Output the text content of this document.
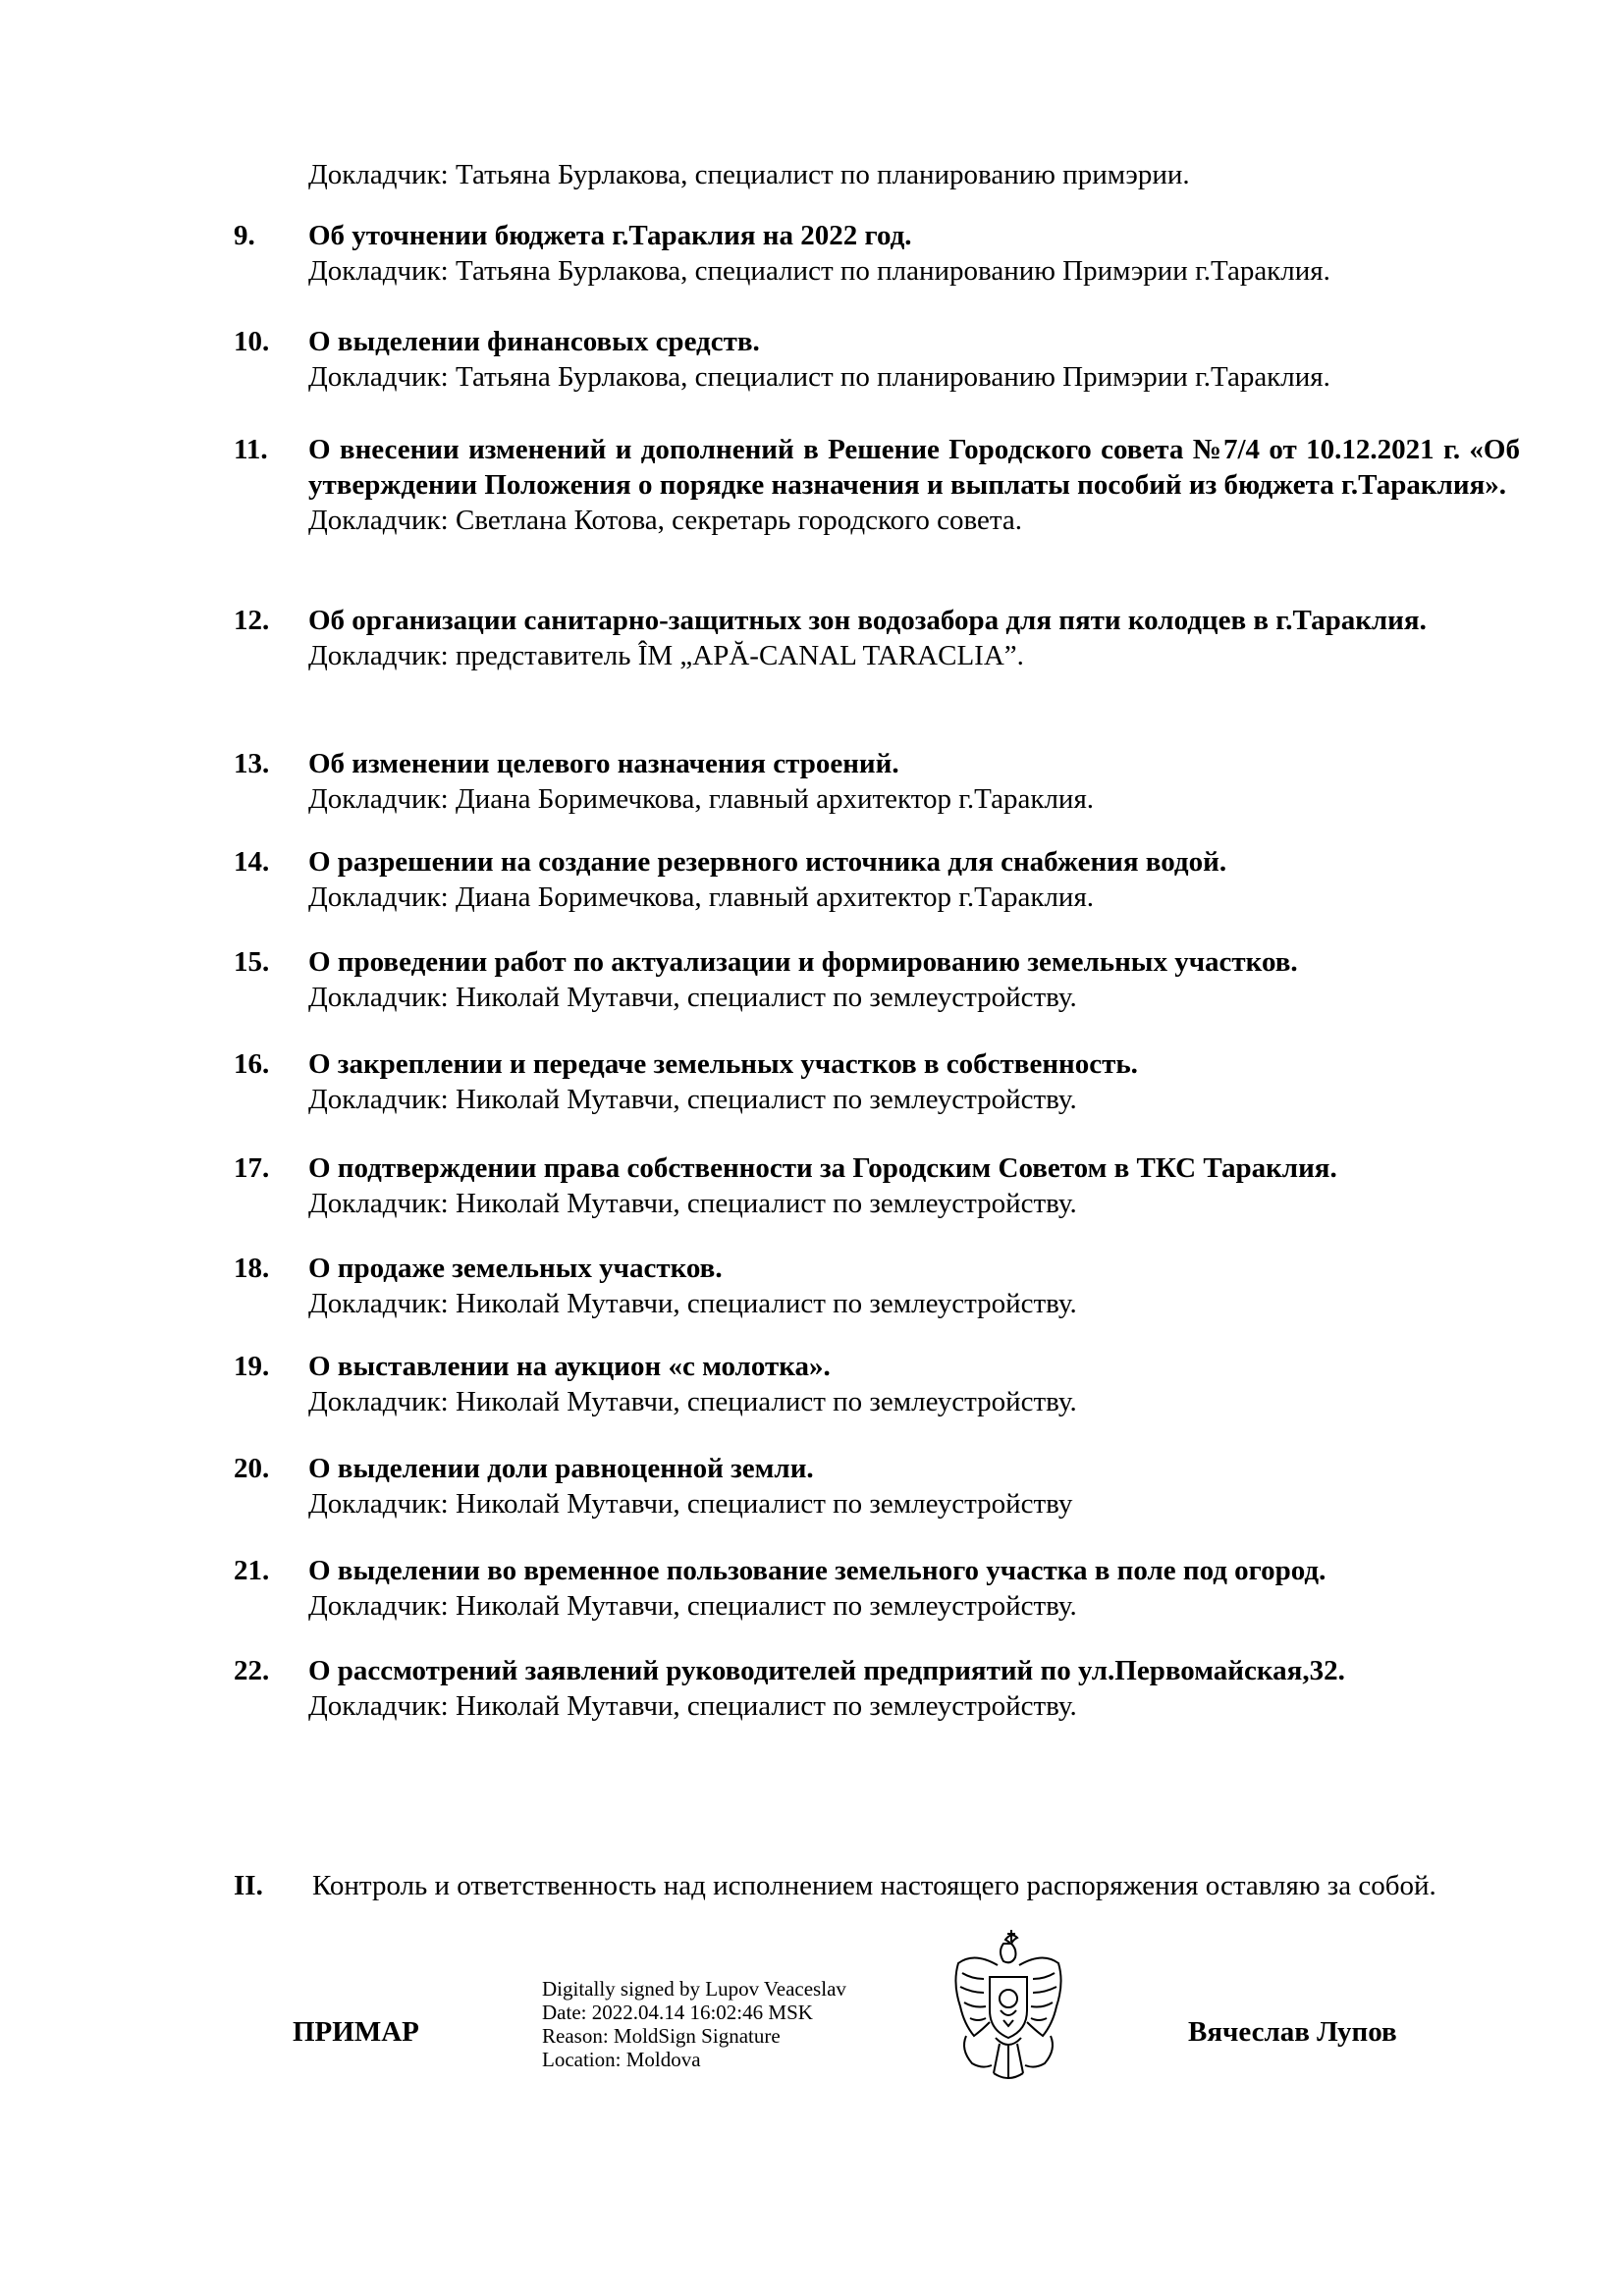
Докладчик: Татьяна Бурлакова, специалист по планированию примэрии.
9. Об уточнении бюджета г.Тараклия на 2022 год.
Докладчик: Татьяна Бурлакова, специалист по планированию Примэрии г.Тараклия.
10. О выделении финансовых средств.
Докладчик: Татьяна Бурлакова, специалист по планированию Примэрии г.Тараклия.
11. О внесении изменений и дополнений в Решение Городского совета №7/4 от 10.12.2021 г. «Об утверждении Положения о порядке назначения и выплаты пособий из бюджета г.Тараклия».
Докладчик: Светлана Котова, секретарь городского совета.
12. Об организации санитарно-защитных зон водозабора для пяти колодцев в г.Тараклия.
Докладчик: представитель ÎM „APĂ-CANAL TARACLIA”.
13. Об изменении целевого назначения строений.
Докладчик: Диана Боримечкова, главный архитектор г.Тараклия.
14. О разрешении на создание резервного источника для снабжения водой.
Докладчик: Диана Боримечкова, главный архитектор г.Тараклия.
15. О проведении работ по актуализации и формированию земельных участков.
Докладчик: Николай Мутавчи, специалист по землеустройству.
16. О закреплении и передаче земельных участков в собственность.
Докладчик: Николай Мутавчи, специалист по землеустройству.
17. О подтверждении права собственности за Городским Советом в ТКС Тараклия.
Докладчик: Николай Мутавчи, специалист по землеустройству.
18. О продаже земельных участков.
Докладчик: Николай Мутавчи, специалист по землеустройству.
19. О выставлении на аукцион «с молотка».
Докладчик: Николай Мутавчи, специалист по землеустройству.
20. О выделении доли равноценной земли.
Докладчик: Николай Мутавчи, специалист по землеустройству
21. О выделении во временное пользование земельного участка в поле под огород.
Докладчик: Николай Мутавчи, специалист по землеустройству.
22. О рассмотрений заявлений руководителей предприятий по ул.Первомайская,32.
Докладчик: Николай Мутавчи, специалист по землеустройству.
II. Контроль и ответственность над исполнением настоящего распоряжения оставляю за собой.
ПРИМАР
Digitally signed by Lupov Veaceslav
Date: 2022.04.14 16:02:46 MSK
Reason: MoldSign Signature
Location: Moldova
Вячеслав Лупов
